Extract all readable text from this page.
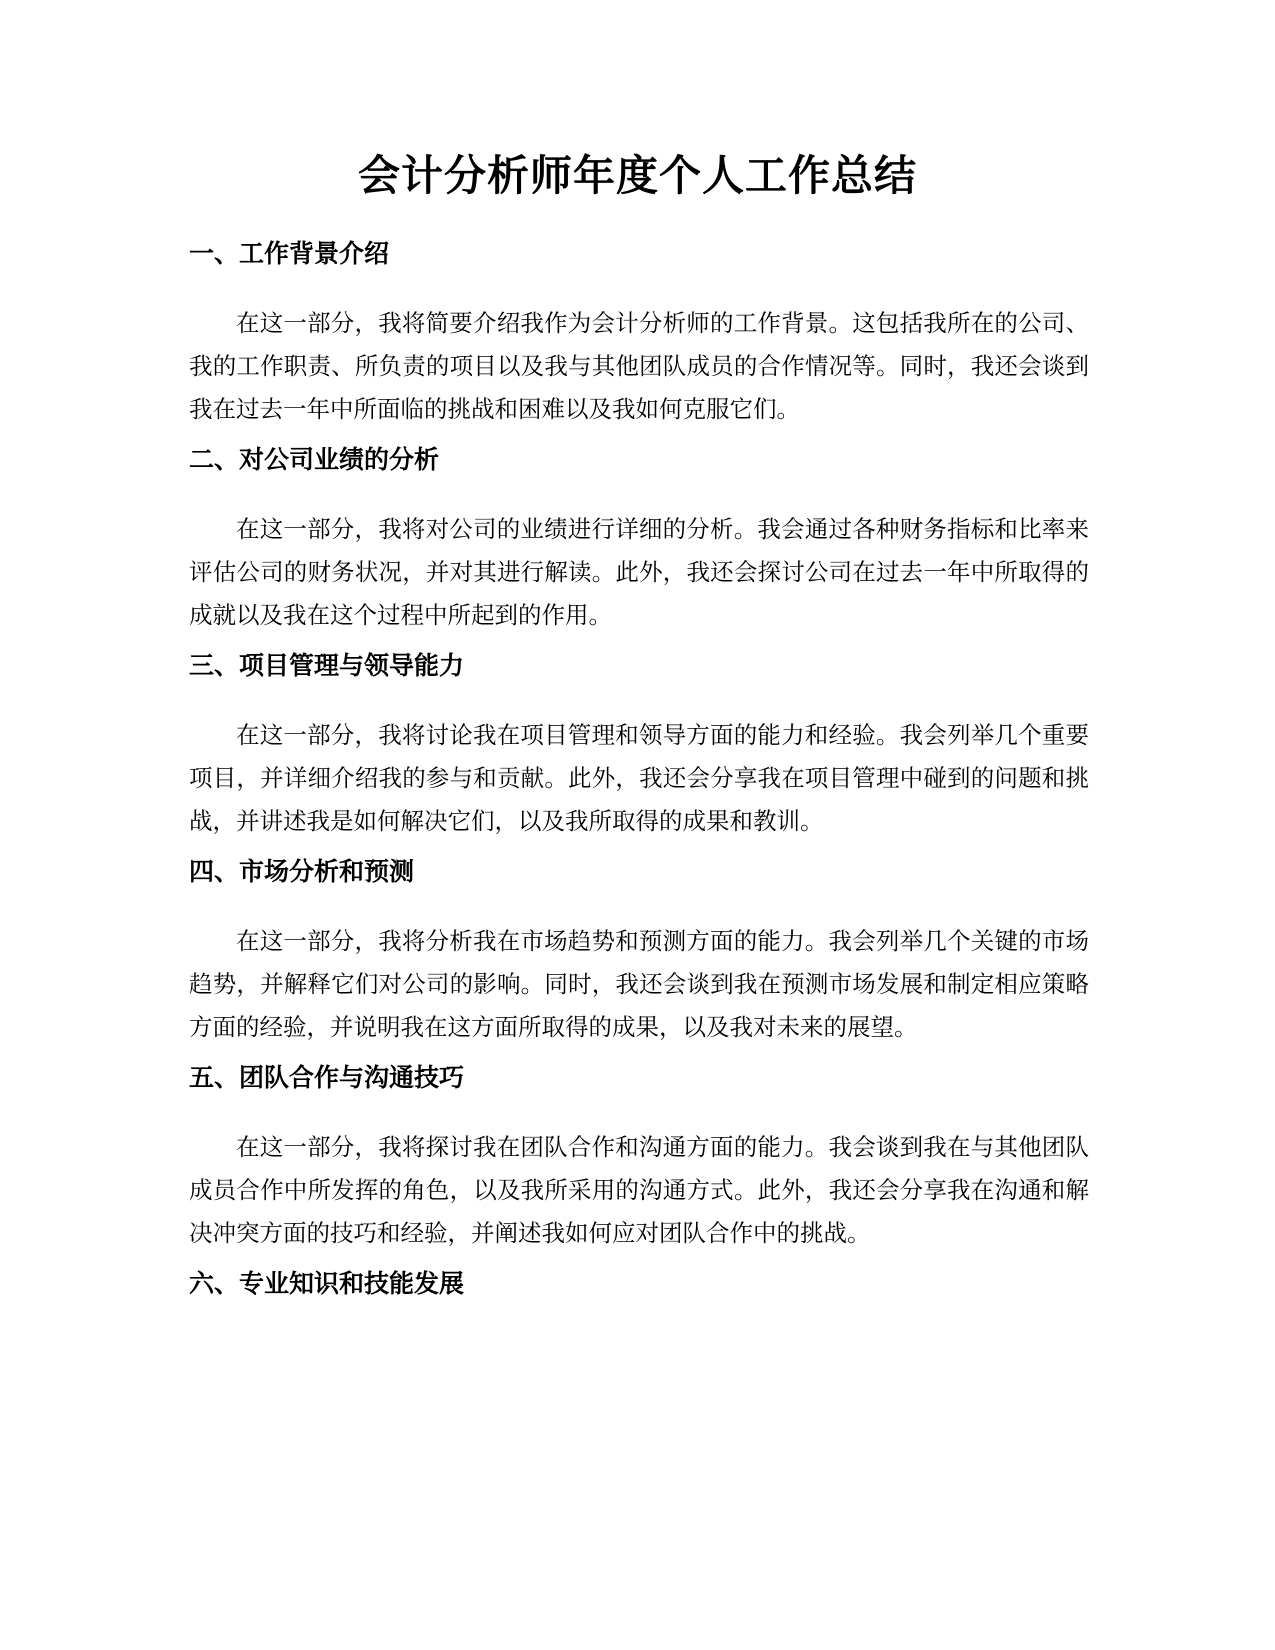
会计分析师年度个人工作总结
一、工作背景介绍

在这一部分，我将简要介绍我作为会计分析师的工作背景。这包括我所在的公司、我的工作职责、所负责的项目以及我与其他团队成员的合作情况等。同时，我还会谈到我在过去一年中所面临的挑战和困难以及我如何克服它们。

二、对公司业绩的分析

在这一部分，我将对公司的业绩进行详细的分析。我会通过各种财务指标和比率来评估公司的财务状况，并对其进行解读。此外，我还会探讨公司在过去一年中所取得的成就以及我在这个过程中所起到的作用。

三、项目管理与领导能力

在这一部分，我将讨论我在项目管理和领导方面的能力和经验。我会列举几个重要项目，并详细介绍我的参与和贡献。此外，我还会分享我在项目管理中碰到的问题和挑战，并讲述我是如何解决它们，以及我所取得的成果和教训。

四、市场分析和预测

在这一部分，我将分析我在市场趋势和预测方面的能力。我会列举几个关键的市场趋势，并解释它们对公司的影响。同时，我还会谈到我在预测市场发展和制定相应策略方面的经验，并说明我在这方面所取得的成果，以及我对未来的展望。

五、团队合作与沟通技巧

在这一部分，我将探讨我在团队合作和沟通方面的能力。我会谈到我在与其他团队成员合作中所发挥的角色，以及我所采用的沟通方式。此外，我还会分享我在沟通和解决冲突方面的技巧和经验，并阐述我如何应对团队合作中的挑战。

六、专业知识和技能发展
